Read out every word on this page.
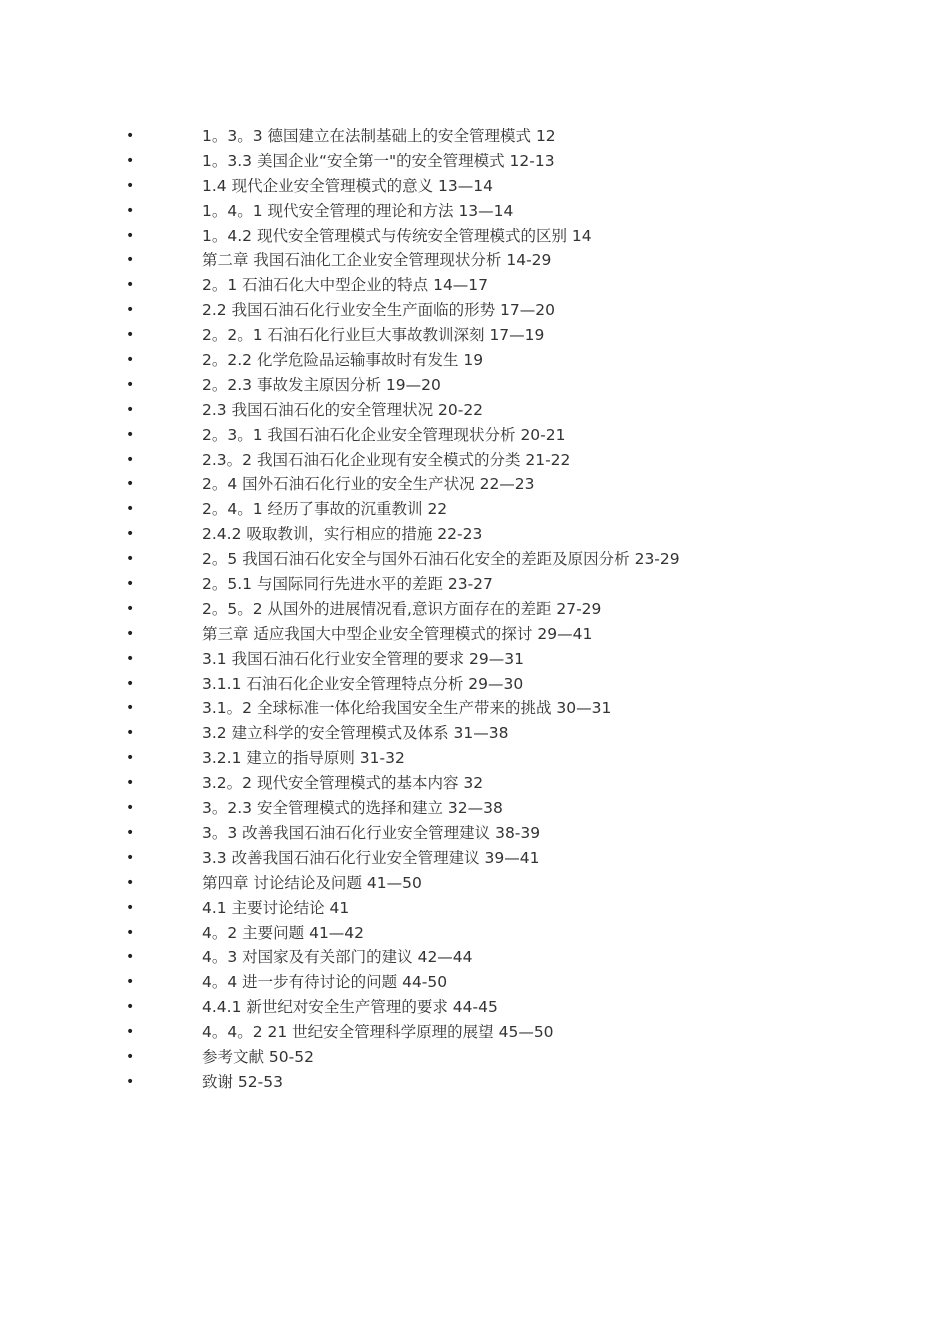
•	1。3。3 德国建立在法制基础上的安全管理模式 12
•	1。3.3 美国企业“安全第一"的安全管理模式 12-13
•	1.4 现代企业安全管理模式的意义 13—14
•	1。4。1 现代安全管理的理论和方法 13—14
•	1。4.2 现代安全管理模式与传统安全管理模式的区别 14
•	第二章 我国石油化工企业安全管理现状分析 14-29
•	2。1 石油石化大中型企业的特点 14—17
•	2.2 我国石油石化行业安全生产面临的形势 17—20
•	2。2。1 石油石化行业巨大事故教训深刻 17—19
•	2。2.2 化学危险品运输事故时有发生 19
•	2。2.3 事故发主原因分析 19—20
•	2.3 我国石油石化的安全管理状况 20-22
•	2。3。1 我国石油石化企业安全管理现状分析 20-21
•	2.3。2 我国石油石化企业现有安全模式的分类 21-22
•	2。4 国外石油石化行业的安全生产状况 22—23
•	2。4。1 经历了事故的沉重教训 22
•	2.4.2 吸取教训，实行相应的措施 22-23
•	2。5 我国石油石化安全与国外石油石化安全的差距及原因分析 23-29
•	2。5.1 与国际同行先进水平的差距 23-27
•	2。5。2 从国外的进展情况看,意识方面存在的差距 27-29
•	第三章 适应我国大中型企业安全管理模式的探讨 29—41
•	3.1 我国石油石化行业安全管理的要求 29—31
•	3.1.1 石油石化企业安全管理特点分析 29—30
•	3.1。2 全球标准一体化给我国安全生产带来的挑战 30—31
•	3.2 建立科学的安全管理模式及体系 31—38
•	3.2.1 建立的指导原则 31-32
•	3.2。2 现代安全管理模式的基本内容 32
•	3。2.3 安全管理模式的选择和建立 32—38
•	3。3 改善我国石油石化行业安全管理建议 38-39
•	3.3 改善我国石油石化行业安全管理建议 39—41
•	第四章 讨论结论及问题 41—50
•	4.1 主要讨论结论 41
•	4。2 主要问题 41—42
•	4。3 对国家及有关部门的建议 42—44
•	4。4 进一步有待讨论的问题 44-50
•	4.4.1 新世纪对安全生产管理的要求 44-45
•	4。4。2 21 世纪安全管理科学原理的展望 45—50
•	参考文献 50-52
•	致谢 52-53
